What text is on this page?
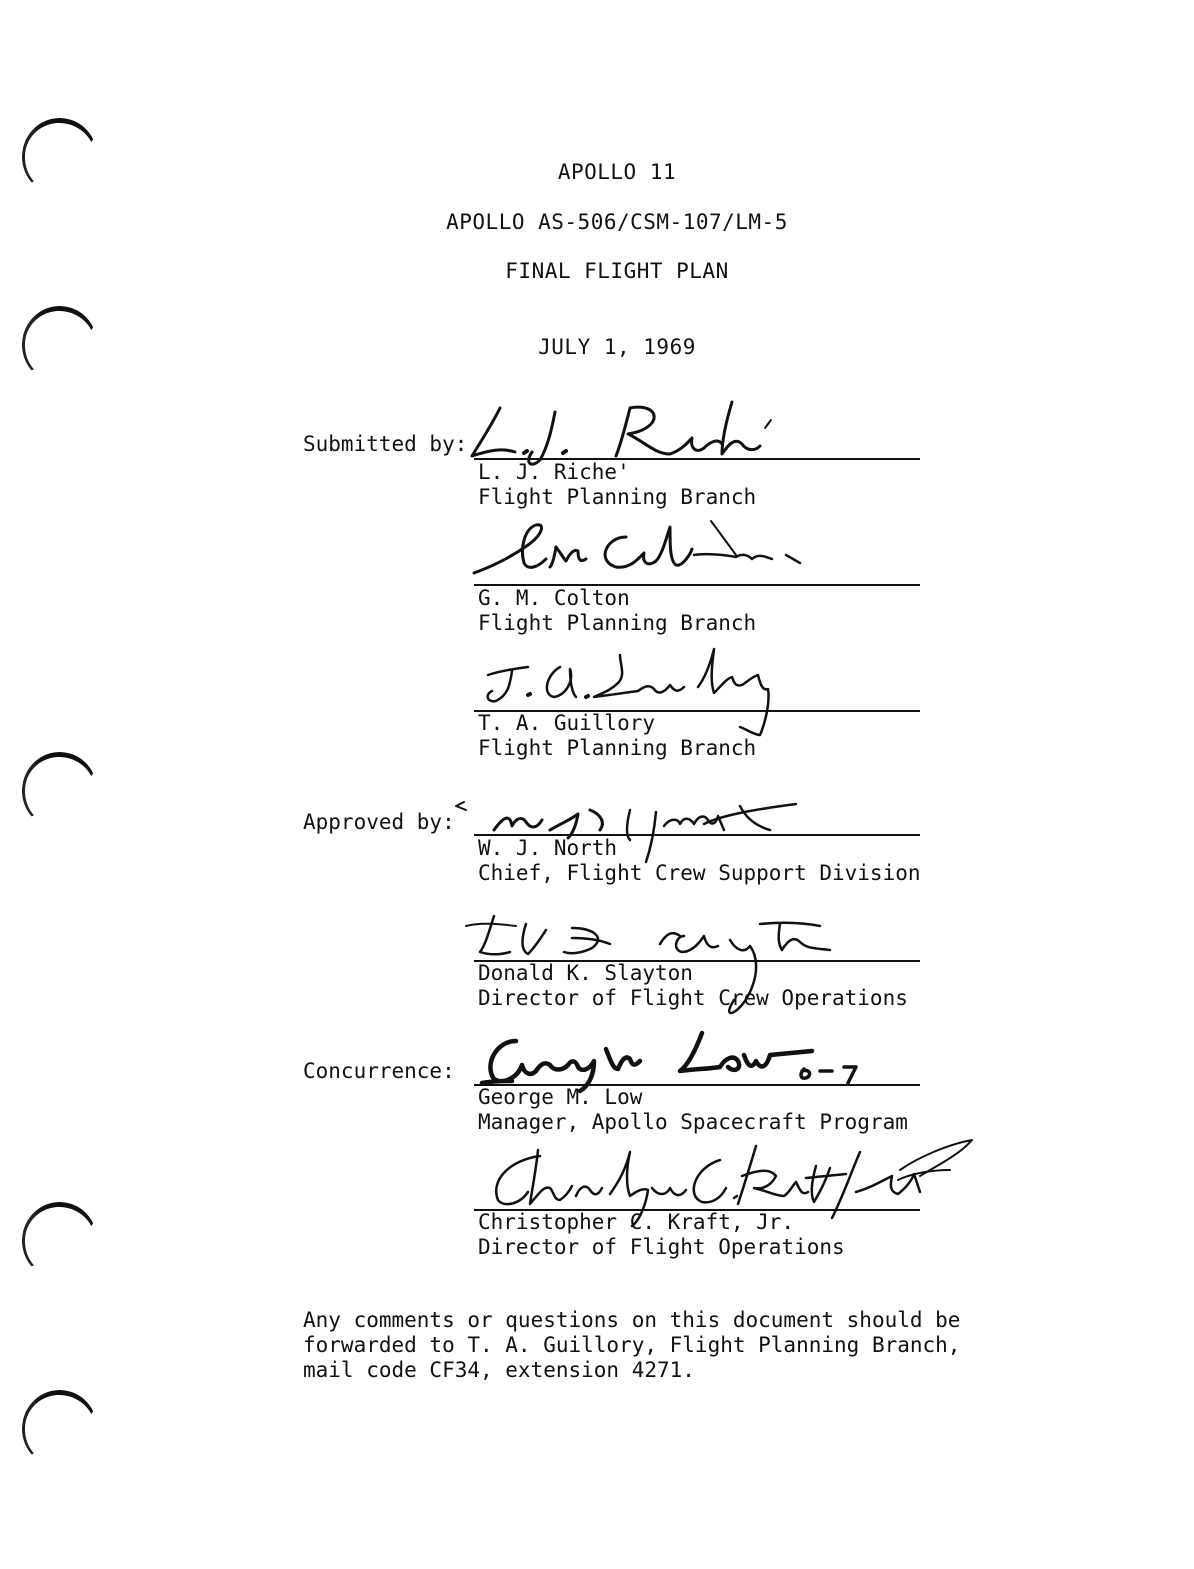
APOLLO 11
APOLLO AS-506/CSM-107/LM-5
FINAL FLIGHT PLAN
JULY 1, 1969
Submitted by:
Approved by:
Concurrence:
L. J. Riche'
Flight Planning Branch
G. M. Colton
Flight Planning Branch
T. A. Guillory
Flight Planning Branch
W. J. North
Chief, Flight Crew Support Division
Donald K. Slayton
Director of Flight Crew Operations
George M. Low
Manager, Apollo Spacecraft Program
Christopher C. Kraft, Jr.
Director of Flight Operations
Any comments or questions on this document should be
forwarded to T. A. Guillory, Flight Planning Branch,
mail code CF34, extension 4271.
